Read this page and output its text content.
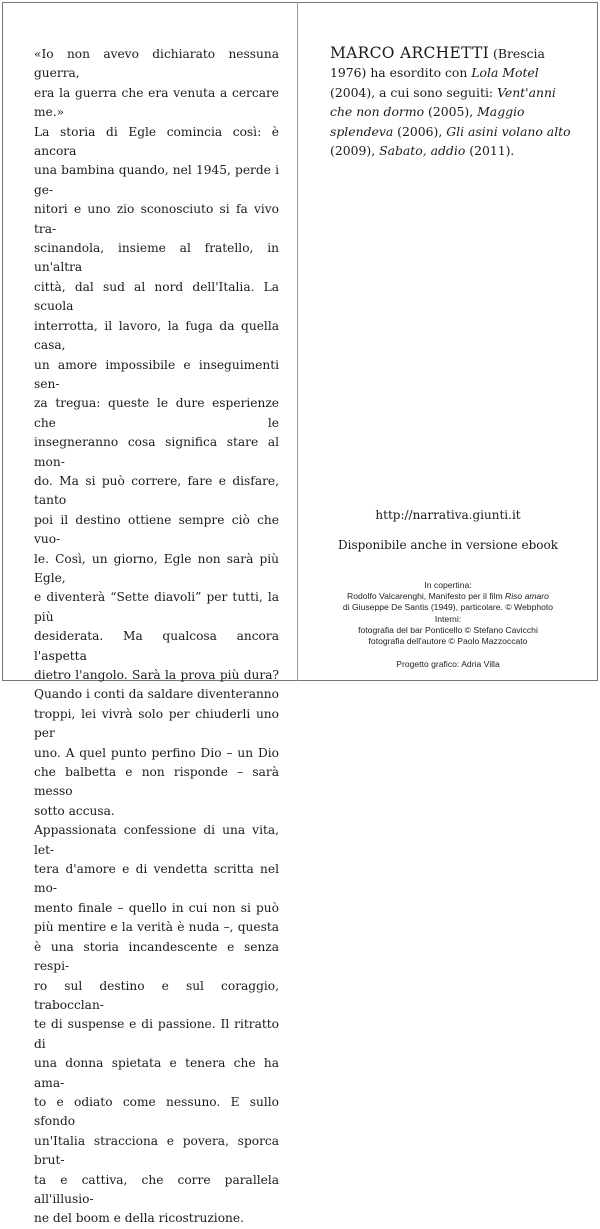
«Io non avevo dichiarato nessuna guerra,
era la guerra che era venuta a cercare me.»
La storia di Egle comincia così: è ancora
una bambina quando, nel 1945, perde i ge-
nitori e uno zio sconosciuto si fa vivo tra-
scinandola, insieme al fratello, in un'altra
città, dal sud al nord dell'Italia. La scuola
interrotta, il lavoro, la fuga da quella casa,
un amore impossibile e inseguimenti sen-
za tregua: queste le dure esperienze che le
insegneranno cosa significa stare al mon-
do. Ma si può correre, fare e disfare, tanto
poi il destino ottiene sempre ciò che vuo-
le. Così, un giorno, Egle non sarà più Egle,
e diventerà “Sette diavoli” per tutti, la più
desiderata. Ma qualcosa ancora l'aspetta
dietro l'angolo. Sarà la prova più dura?
Quando i conti da saldare diventeranno
troppi, lei vivrà solo per chiuderli uno per
uno. A quel punto perfino Dio – un Dio
che balbetta e non risponde – sarà messo
sotto accusa.

Appassionata confessione di una vita, let-
tera d'amore e di vendetta scritta nel mo-
mento finale – quello in cui non si può
più mentire e la verità è nuda –, questa
è una storia incandescente e senza respi-
ro sul destino e sul coraggio, trabocclan-
te di suspense e di passione. Il ritratto di
una donna spietata e tenera che ha ama-
to e odiato come nessuno. E sullo sfondo
un'Italia stracciona e povera, sporca brut-
ta e cattiva, che corre parallela all'illusio-
ne del boom e della ricostruzione.

MARCO ARCHETTI (Brescia 1976) ha esordito con Lola Motel (2004), a cui sono seguiti: Vent'anni che non dormo (2005), Maggio splendeva (2006), Gli asini volano alto (2009), Sabato, addio (2011).

http://narrativa.giunti.it
Disponibile anche in versione ebook
In copertina:
Rodolfo Valcarenghi, Manifesto per il film Riso amaro
di Giuseppe De Santis (1949), particolare. © Webphoto
Interni:
fotografia del bar Ponticello © Stefano Cavicchi
fotografia dell'autore © Paolo Mazzoccato
Progetto grafico: Adria Villa
